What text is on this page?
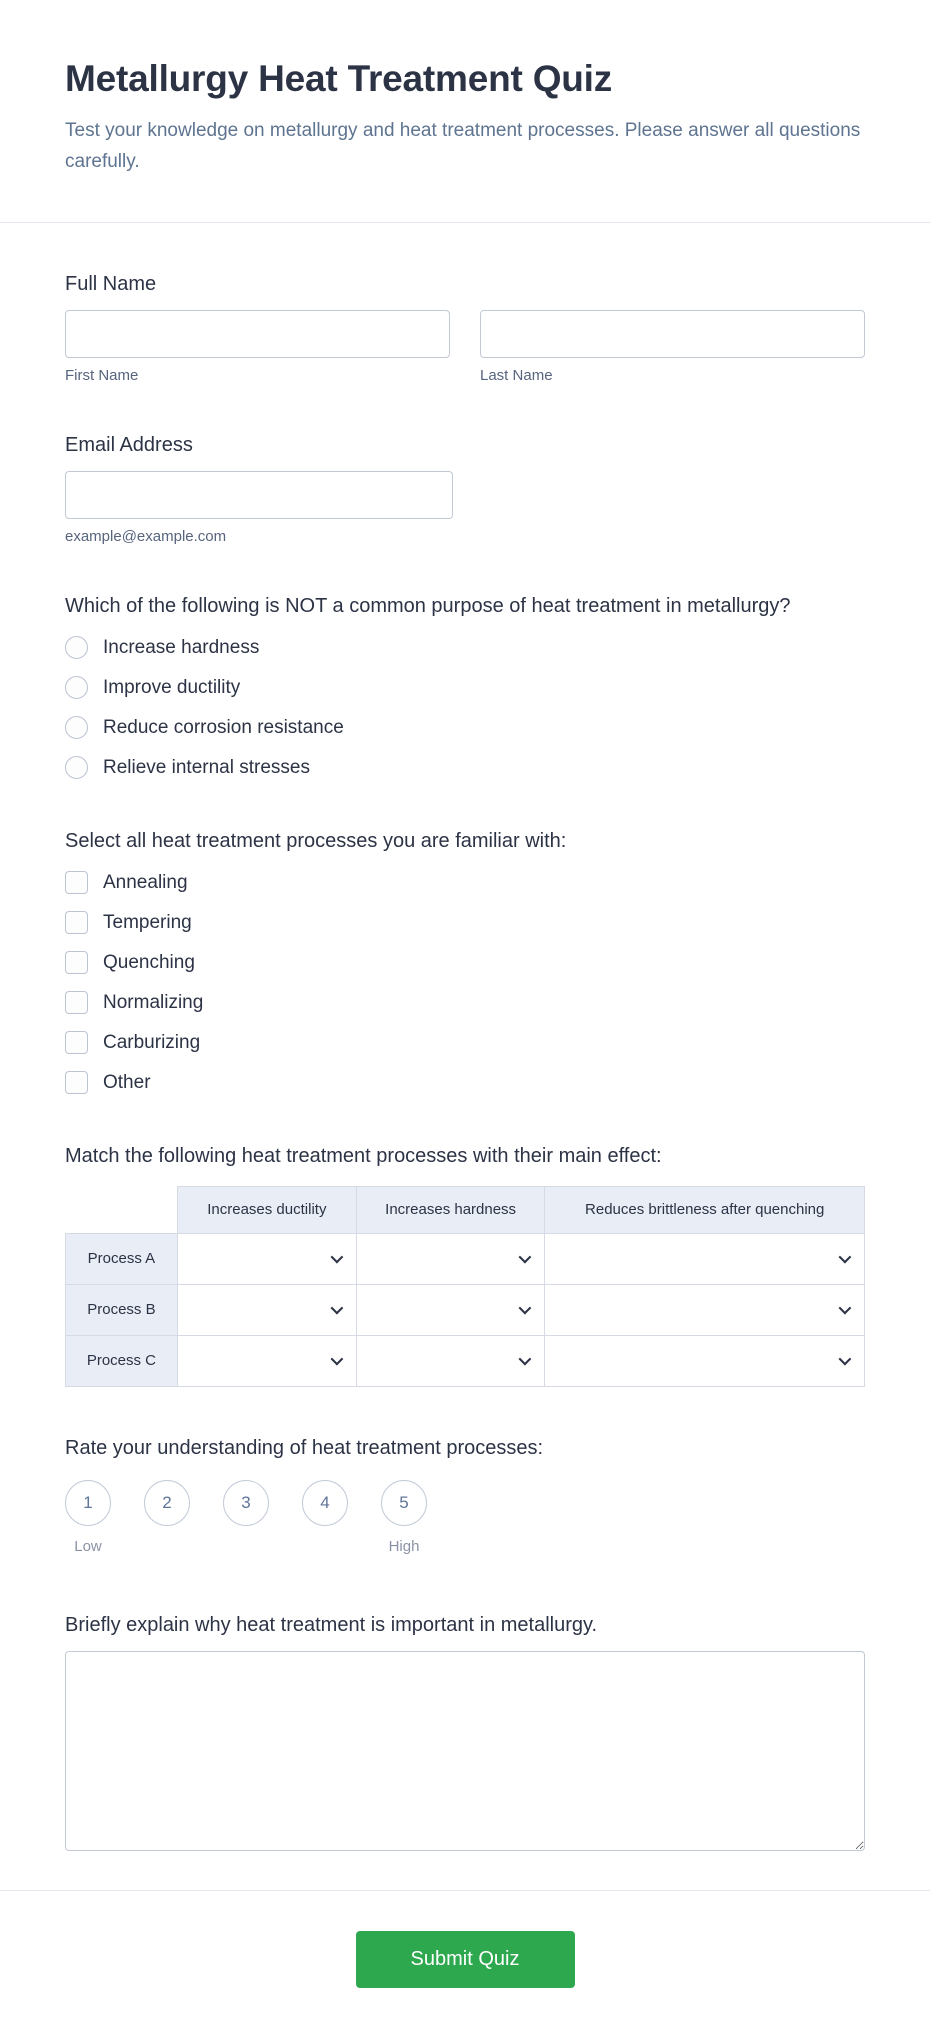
Metallurgy Heat Treatment Quiz

Test your knowledge on metallurgy and heat treatment processes. Please answer all questions carefully.

Full Name
First Name	Last Name
Email Address
example@example.com
Which of the following is NOT a common purpose of heat treatment in metallurgy?
Increase hardness
Improve ductility
Reduce corrosion resistance
Relieve internal stresses
Select all heat treatment processes you are familiar with:
Annealing
Tempering
Quenching
Normalizing
Carburizing
Other
Match the following heat treatment processes with their main effect:
	Increases ductility	Increases hardness	Reduces brittleness after quenching
Process A	

Process B	

Process C	

Rate your understanding of heat treatment processes:
1
Low
2	3	4	5
High
Briefly explain why heat treatment is important in metallurgy.
Submit Quiz
